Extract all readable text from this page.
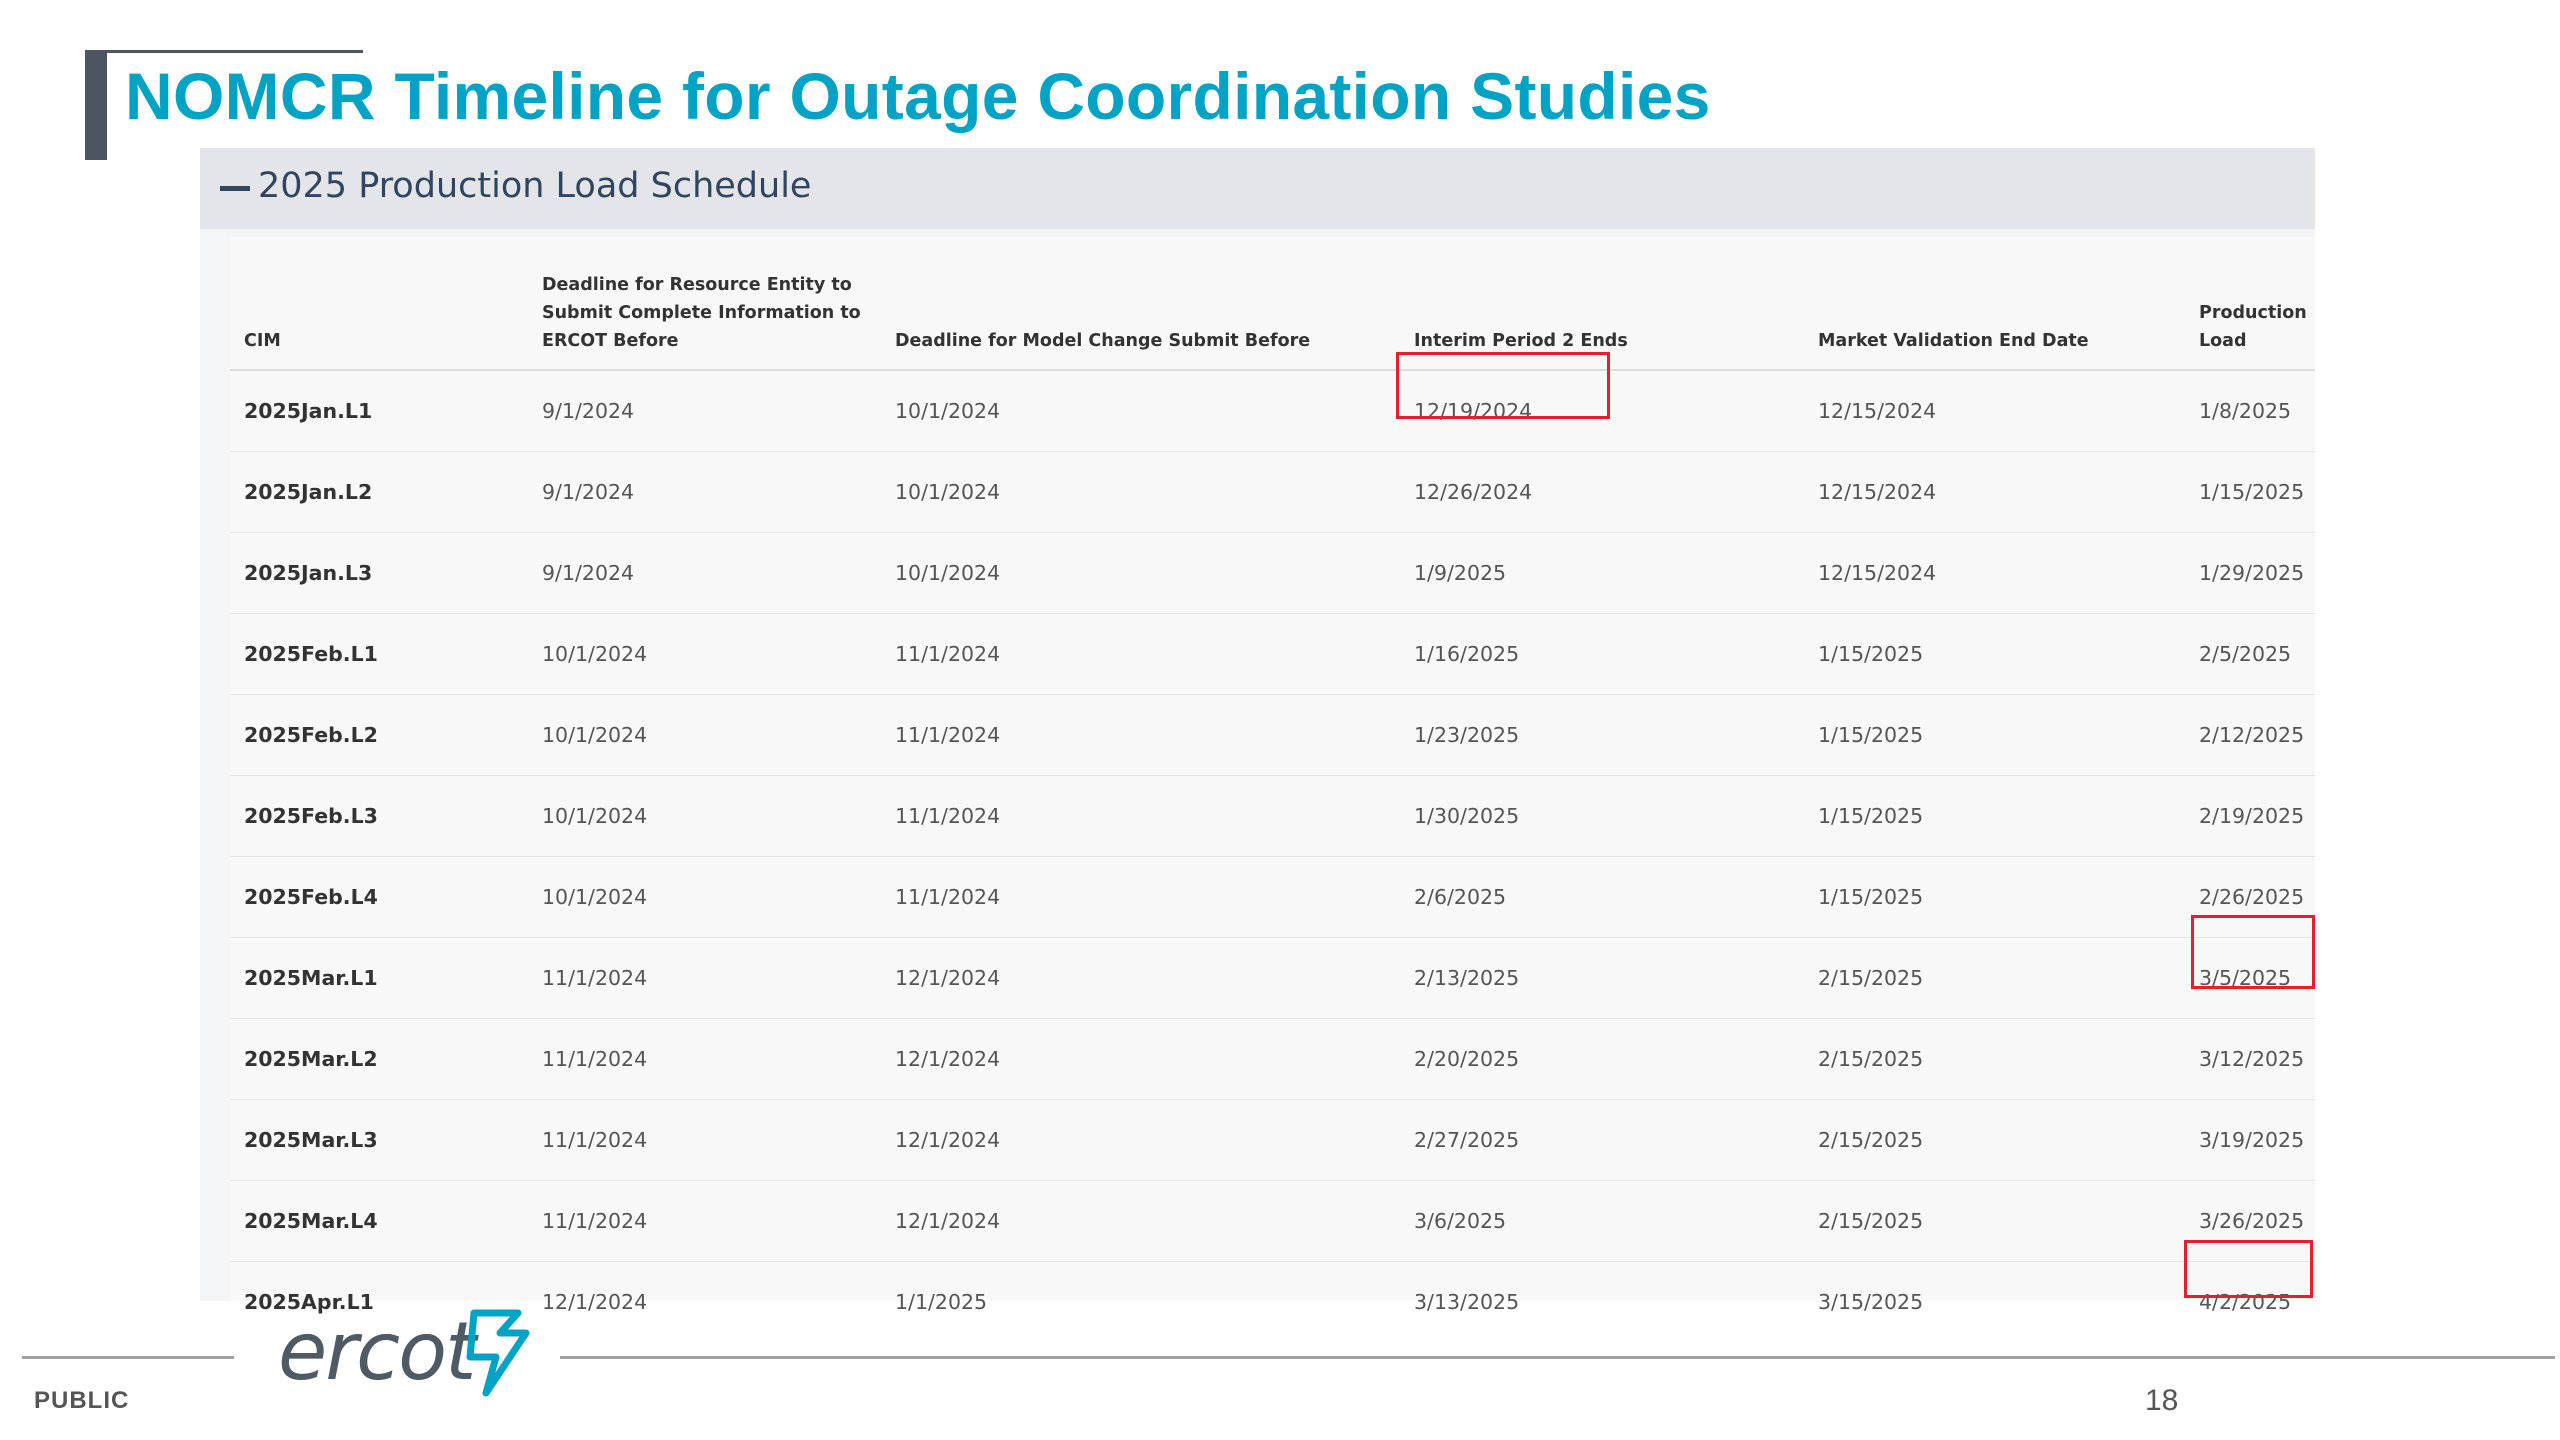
NOMCR Timeline for Outage Coordination Studies
2025 Production Load Schedule
CIM	Deadline for Resource Entity to Submit Complete Information to ERCOT Before	Deadline for Model Change Submit Before	Interim Period 2 Ends	Market Validation End Date	Production Load
2025Jan.L1	9/1/2024	10/1/2024	12/19/2024	12/15/2024	1/8/2025
2025Jan.L2	9/1/2024	10/1/2024	12/26/2024	12/15/2024	1/15/2025
2025Jan.L3	9/1/2024	10/1/2024	1/9/2025	12/15/2024	1/29/2025
2025Feb.L1	10/1/2024	11/1/2024	1/16/2025	1/15/2025	2/5/2025
2025Feb.L2	10/1/2024	11/1/2024	1/23/2025	1/15/2025	2/12/2025
2025Feb.L3	10/1/2024	11/1/2024	1/30/2025	1/15/2025	2/19/2025
2025Feb.L4	10/1/2024	11/1/2024	2/6/2025	1/15/2025	2/26/2025
2025Mar.L1	11/1/2024	12/1/2024	2/13/2025	2/15/2025	3/5/2025
2025Mar.L2	11/1/2024	12/1/2024	2/20/2025	2/15/2025	3/12/2025
2025Mar.L3	11/1/2024	12/1/2024	2/27/2025	2/15/2025	3/19/2025
2025Mar.L4	11/1/2024	12/1/2024	3/6/2025	2/15/2025	3/26/2025
2025Apr.L1	12/1/2024	1/1/2025	3/13/2025	3/15/2025	4/2/2025
ercot
PUBLIC	18
